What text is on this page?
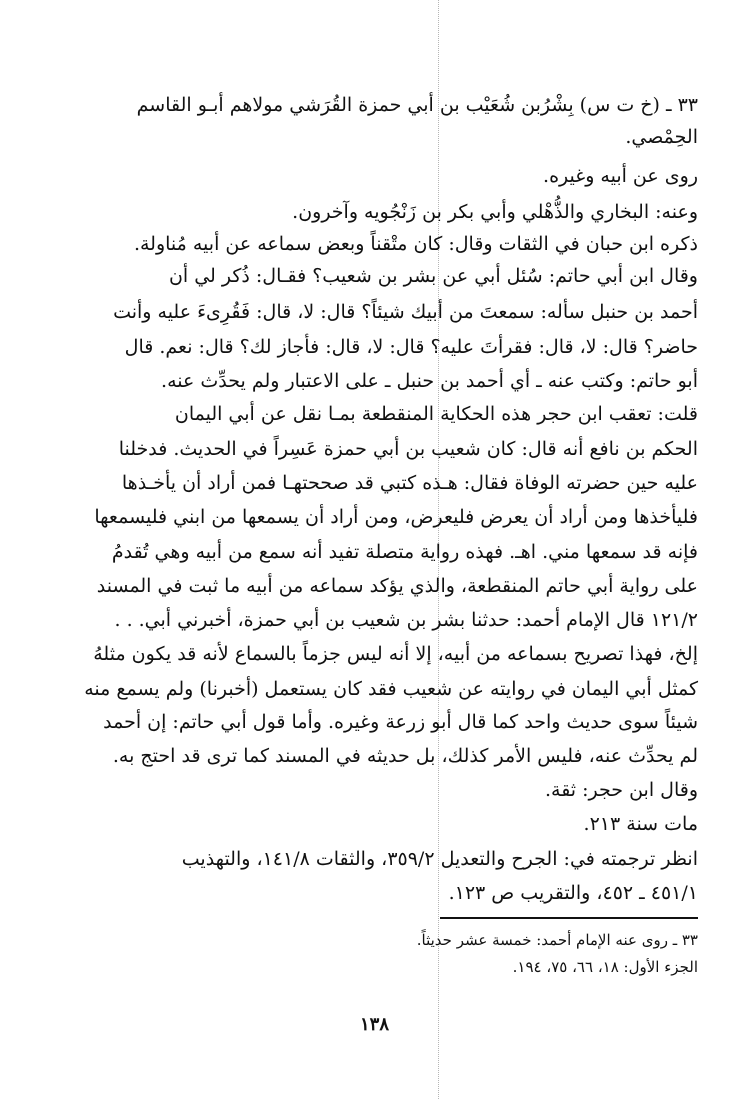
٣٣ ـ (خ ت س) بِشْرُبن شُعَيْب بن أبي حمزة القُرَشي مولاهم أبـو القاسم

الحِمْصي.

روى عن أبيه وغيره.

وعنه: البخاري والذُّهْلي وأبي بكر بن زَنْجُويه وآخرون.

ذكره ابن حبان في الثقات وقال: كان متْقناً وبعض سماعه عن أبيه مُناولة.

وقال ابن أبي حاتم: سُئل أبي عن بشر بن شعيب؟ فقـال: ذُكر لي أن

أحمد بن حنبل سأله: سمعتَ من أبيك شيئاً؟ قال: لا، قال: فَقُرِىءَ عليه وأنت

حاضر؟ قال: لا، قال: فقرأتَ عليه؟ قال: لا، قال: فأجاز لك؟ قال: نعم. قال

أبو حاتم: وكتب عنه ـ أي أحمد بن حنبل ـ على الاعتبار ولم يحدِّث عنه.

قلت: تعقب ابن حجر هذه الحكاية المنقطعة بمـا نقل عن أبي اليمان

الحكم بن نافع أنه قال: كان شعيب بن أبي حمزة عَسِراً في الحديث. فدخلنا

عليه حين حضرته الوفاة فقال: هـذه كتبي قد صححتهـا فمن أراد أن يأخـذها

فليأخذها ومن أراد أن يعرض فليعرض، ومن أراد أن يسمعها من ابني فليسمعها

فإنه قد سمعها مني. اهـ. فهذه رواية متصلة تفيد أنه سمع من أبيه وهي تُقدمُ

على رواية أبي حاتم المنقطعة، والذي يؤكد سماعه من أبيه ما ثبت في المسند

١٢١/٢ قال الإمام أحمد: حدثنا بشر بن شعيب بن أبي حمزة، أخبرني أبي. . .

إلخ، فهذا تصريح بسماعه من أبيه، إلا أنه ليس جزماً بالسماع لأنه قد يكون مثلهُ

كمثل أبي اليمان في روايته عن شعيب فقد كان يستعمل (أخبرنا) ولم يسمع منه

شيئاً سوى حديث واحد كما قال أبو زرعة وغيره. وأما قول أبي حاتم: إن أحمد

لم يحدِّث عنه، فليس الأمر كذلك، بل حديثه في المسند كما ترى قد احتج به.

وقال ابن حجر: ثقة.

مات سنة ٢١٣.

انظر ترجمته في: الجرح والتعديل ٣٥٩/٢، والثقات ١٤١/٨، والتهذيب

٤٥١/١ ـ ٤٥٢، والتقريب ص ١٢٣.

٣٣ ـ روى عنه الإمام أحمد: خمسة عشر حديثاً.

الجزء الأول: ١٨، ٦٦، ٧٥، ١٩٤.

١٣٨
